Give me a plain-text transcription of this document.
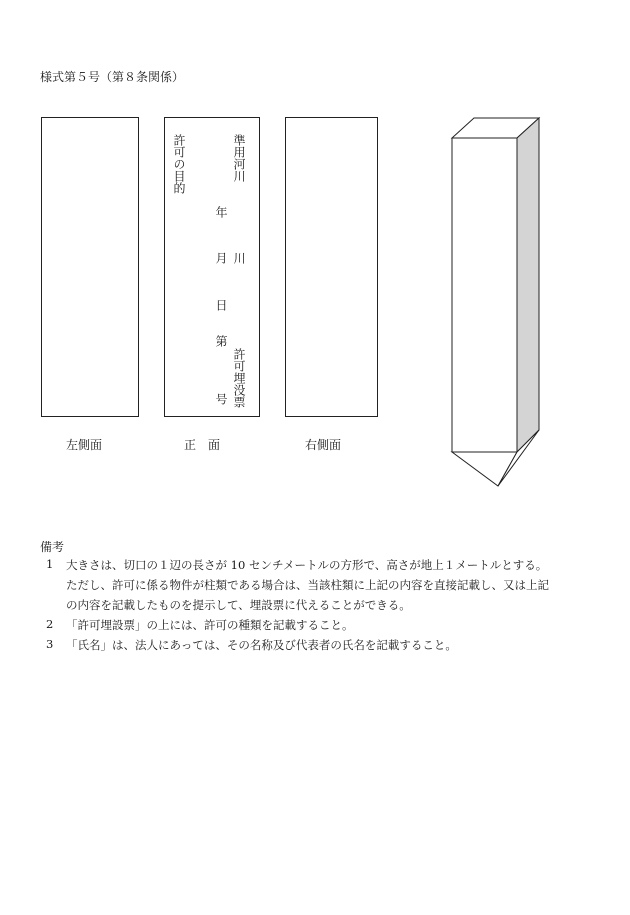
様式第５号（第８条関係）
許可の目的	準用河川
年
月 川
日
第
許可埋没票
号
左側面	正　面	右側面
備考
1 大きさは、切口の１辺の長さが 10 センチメートルの方形で、高さが地上１メートルとする。
ただし、許可に係る物件が柱類である場合は、当該柱類に上記の内容を直接記載し、又は上記
の内容を記載したものを提示して、埋設票に代えることができる。
2 「許可埋設票」の上には、許可の種類を記載すること。
3 「氏名」は、法人にあっては、その名称及び代表者の氏名を記載すること。
